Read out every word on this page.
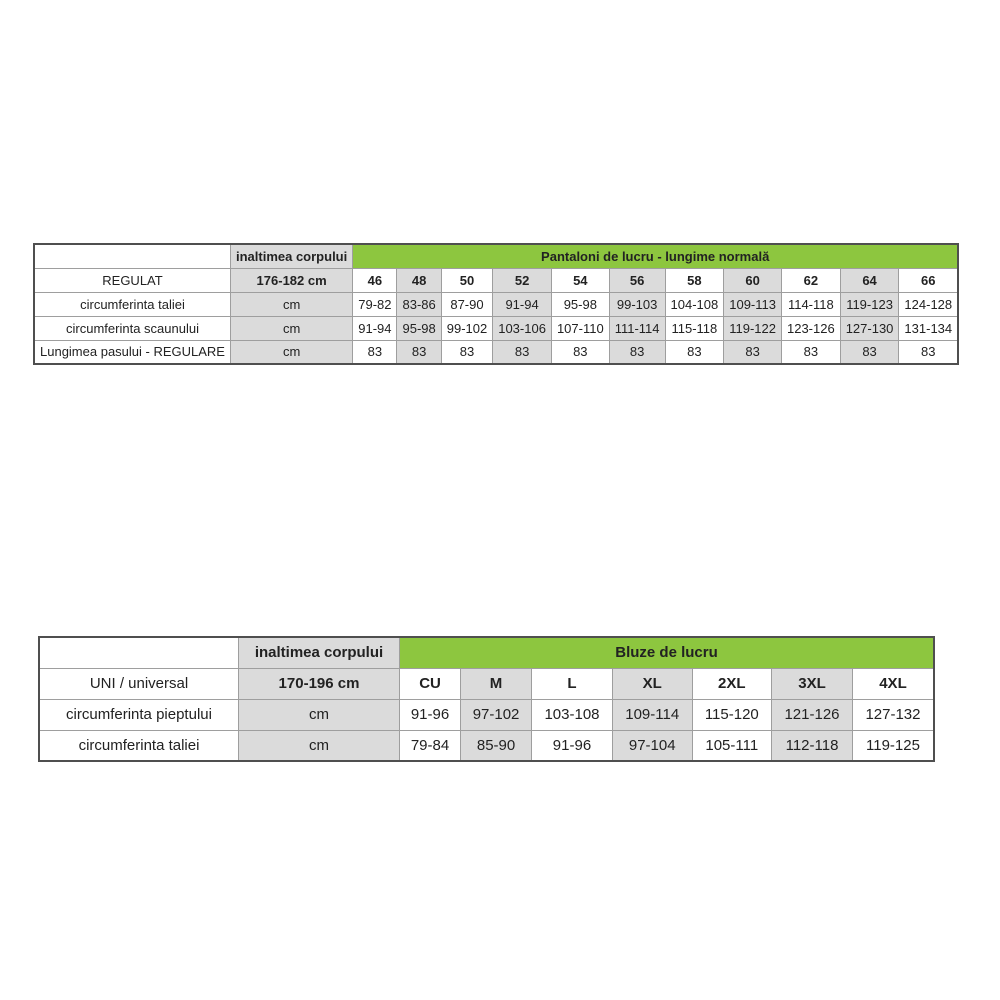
	inaltimea corpului	Pantaloni de lucru - lungime normală										
REGULAT	176-182 cm	46	48	50	52	54	56	58	60	62	64	66
circumferinta taliei	cm	79-82	83-86	87-90	91-94	95-98	99-103	104-108	109-113	114-118	119-123	124-128
circumferinta scaunului	cm	91-94	95-98	99-102	103-106	107-110	111-114	115-118	119-122	123-126	127-130	131-134
Lungimea pasului - REGULARE	cm	83	83	83	83	83	83	83	83	83	83	83
	inaltimea corpului	Bluze de lucru						
UNI / universal	170-196 cm	CU	M	L	XL	2XL	3XL	4XL
circumferinta pieptului	cm	91-96	97-102	103-108	109-114	115-120	121-126	127-132
circumferinta taliei	cm	79-84	85-90	91-96	97-104	105-111	112-118	119-125
